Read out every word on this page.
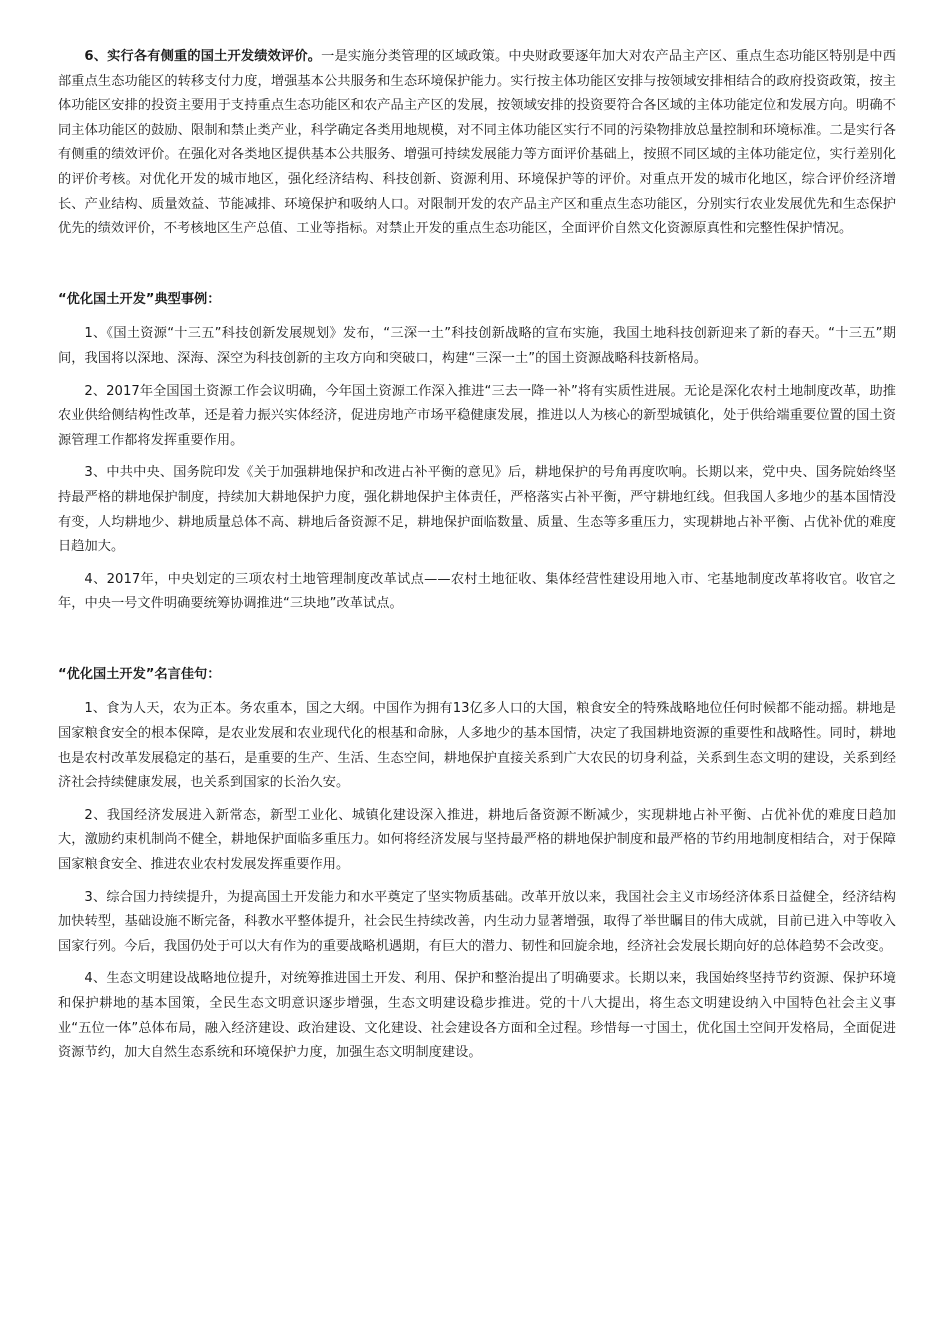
6、实行各有侧重的国土开发绩效评价。一是实施分类管理的区域政策。中央财政要逐年加大对农产品主产区、重点生态功能区特别是中西部重点生态功能区的转移支付力度，增强基本公共服务和生态环境保护能力。实行按主体功能区安排与按领域安排相结合的政府投资政策，按主体功能区安排的投资主要用于支持重点生态功能区和农产品主产区的发展，按领域安排的投资要符合各区域的主体功能定位和发展方向。明确不同主体功能区的鼓励、限制和禁止类产业，科学确定各类用地规模，对不同主体功能区实行不同的污染物排放总量控制和环境标准。二是实行各有侧重的绩效评价。在强化对各类地区提供基本公共服务、增强可持续发展能力等方面评价基础上，按照不同区域的主体功能定位，实行差别化的评价考核。对优化开发的城市地区，强化经济结构、科技创新、资源利用、环境保护等的评价。对重点开发的城市化地区，综合评价经济增长、产业结构、质量效益、节能减排、环境保护和吸纳人口。对限制开发的农产品主产区和重点生态功能区，分别实行农业发展优先和生态保护优先的绩效评价，不考核地区生产总值、工业等指标。对禁止开发的重点生态功能区，全面评价自然文化资源原真性和完整性保护情况。

“优化国土开发”典型事例：

1、《国土资源“十三五”科技创新发展规划》发布，“三深一土”科技创新战略的宣布实施，我国土地科技创新迎来了新的春天。“十三五”期间，我国将以深地、深海、深空为科技创新的主攻方向和突破口，构建“三深一土”的国土资源战略科技新格局。

2、2017年全国国土资源工作会议明确，今年国土资源工作深入推进“三去一降一补”将有实质性进展。无论是深化农村土地制度改革，助推农业供给侧结构性改革，还是着力振兴实体经济，促进房地产市场平稳健康发展，推进以人为核心的新型城镇化，处于供给端重要位置的国土资源管理工作都将发挥重要作用。

3、中共中央、国务院印发《关于加强耕地保护和改进占补平衡的意见》后，耕地保护的号角再度吹响。长期以来，党中央、国务院始终坚持最严格的耕地保护制度，持续加大耕地保护力度，强化耕地保护主体责任，严格落实占补平衡，严守耕地红线。但我国人多地少的基本国情没有变，人均耕地少、耕地质量总体不高、耕地后备资源不足，耕地保护面临数量、质量、生态等多重压力，实现耕地占补平衡、占优补优的难度日趋加大。

4、2017年，中央划定的三项农村土地管理制度改革试点——农村土地征收、集体经营性建设用地入市、宅基地制度改革将收官。收官之年，中央一号文件明确要统筹协调推进“三块地”改革试点。

“优化国土开发”名言佳句：

1、食为人天，农为正本。务农重本，国之大纲。中国作为拥有13亿多人口的大国，粮食安全的特殊战略地位任何时候都不能动摇。耕地是国家粮食安全的根本保障，是农业发展和农业现代化的根基和命脉，人多地少的基本国情，决定了我国耕地资源的重要性和战略性。同时，耕地也是农村改革发展稳定的基石，是重要的生产、生活、生态空间，耕地保护直接关系到广大农民的切身利益，关系到生态文明的建设，关系到经济社会持续健康发展，也关系到国家的长治久安。

2、我国经济发展进入新常态，新型工业化、城镇化建设深入推进，耕地后备资源不断减少，实现耕地占补平衡、占优补优的难度日趋加大，激励约束机制尚不健全，耕地保护面临多重压力。如何将经济发展与坚持最严格的耕地保护制度和最严格的节约用地制度相结合，对于保障国家粮食安全、推进农业农村发展发挥重要作用。

3、综合国力持续提升，为提高国土开发能力和水平奠定了坚实物质基础。改革开放以来，我国社会主义市场经济体系日益健全，经济结构加快转型，基础设施不断完备，科教水平整体提升，社会民生持续改善，内生动力显著增强，取得了举世瞩目的伟大成就，目前已进入中等收入国家行列。今后，我国仍处于可以大有作为的重要战略机遇期，有巨大的潜力、韧性和回旋余地，经济社会发展长期向好的总体趋势不会改变。

4、生态文明建设战略地位提升，对统筹推进国土开发、利用、保护和整治提出了明确要求。长期以来，我国始终坚持节约资源、保护环境和保护耕地的基本国策，全民生态文明意识逐步增强，生态文明建设稳步推进。党的十八大提出，将生态文明建设纳入中国特色社会主义事业“五位一体”总体布局，融入经济建设、政治建设、文化建设、社会建设各方面和全过程。珍惜每一寸国土，优化国土空间开发格局，全面促进资源节约，加大自然生态系统和环境保护力度，加强生态文明制度建设。
